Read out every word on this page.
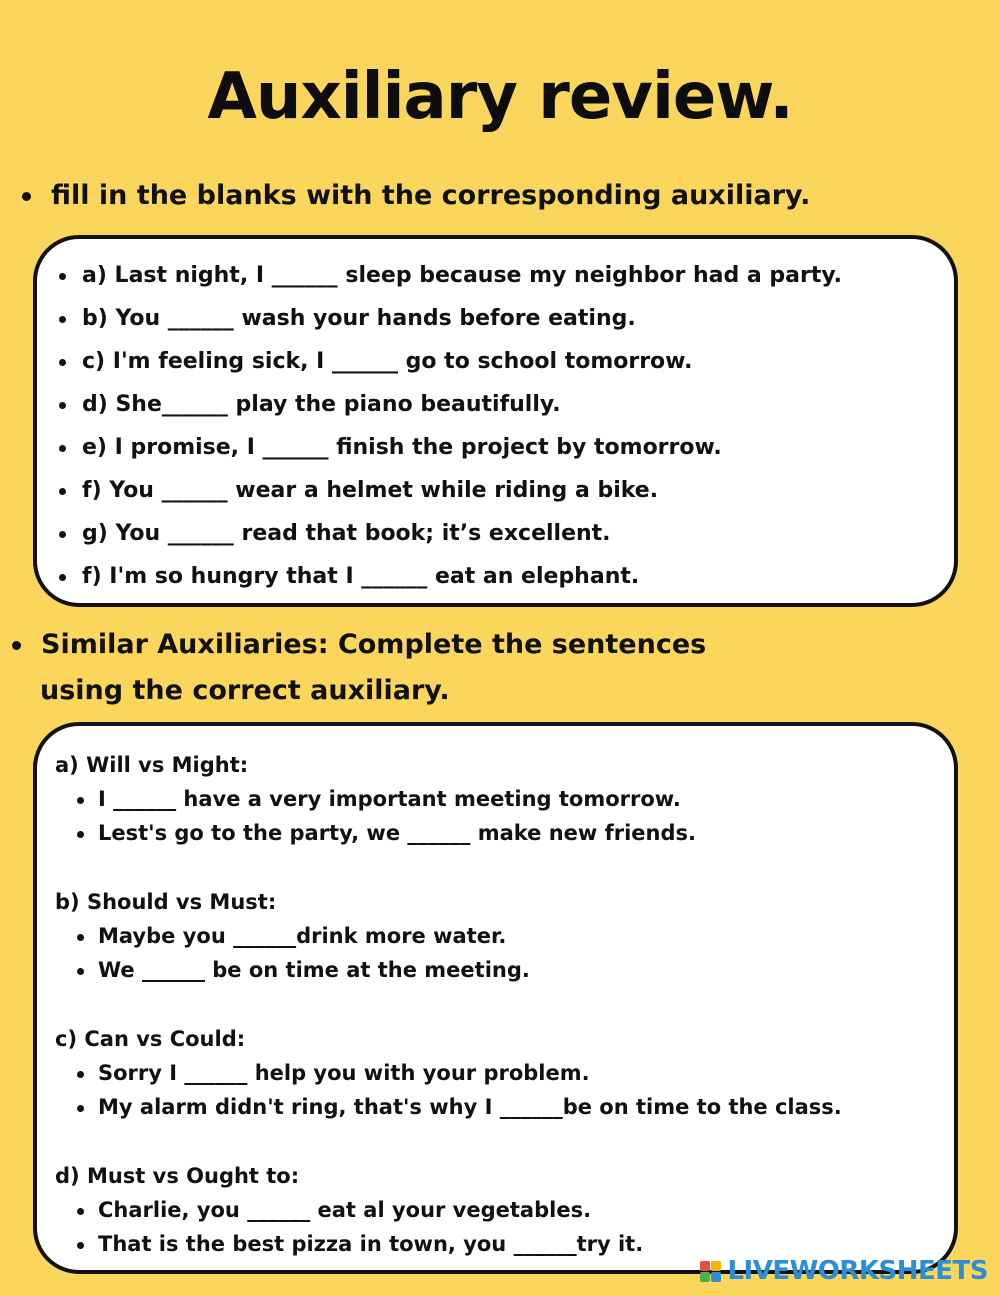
Auxiliary review.
fill in the blanks with the corresponding auxiliary.
a) Last night, I ______ sleep because my neighbor had a party.
b) You ______ wash your hands before eating.
c) I'm feeling sick, I ______ go to school tomorrow.
d) She______ play the piano beautifully.
e) I promise, I ______ finish the project by tomorrow.
f) You ______ wear a helmet while riding a bike.
g) You ______ read that book; it’s excellent.
f) I'm so hungry that I ______ eat an elephant.
Similar Auxiliaries: Complete the sentences
using the correct auxiliary.
a) Will vs Might:
I ______ have a very important meeting tomorrow.
Lest's go to the party, we ______ make new friends.
b) Should vs Must:
Maybe you ______drink more water.
We ______ be on time at the meeting.
c) Can vs Could:
Sorry I ______ help you with your problem.
My alarm didn't ring, that's why I ______be on time to the class.
d) Must vs Ought to:
Charlie, you ______ eat al your vegetables.
That is the best pizza in town, you ______try it.
LIVEWORKSHEETS
